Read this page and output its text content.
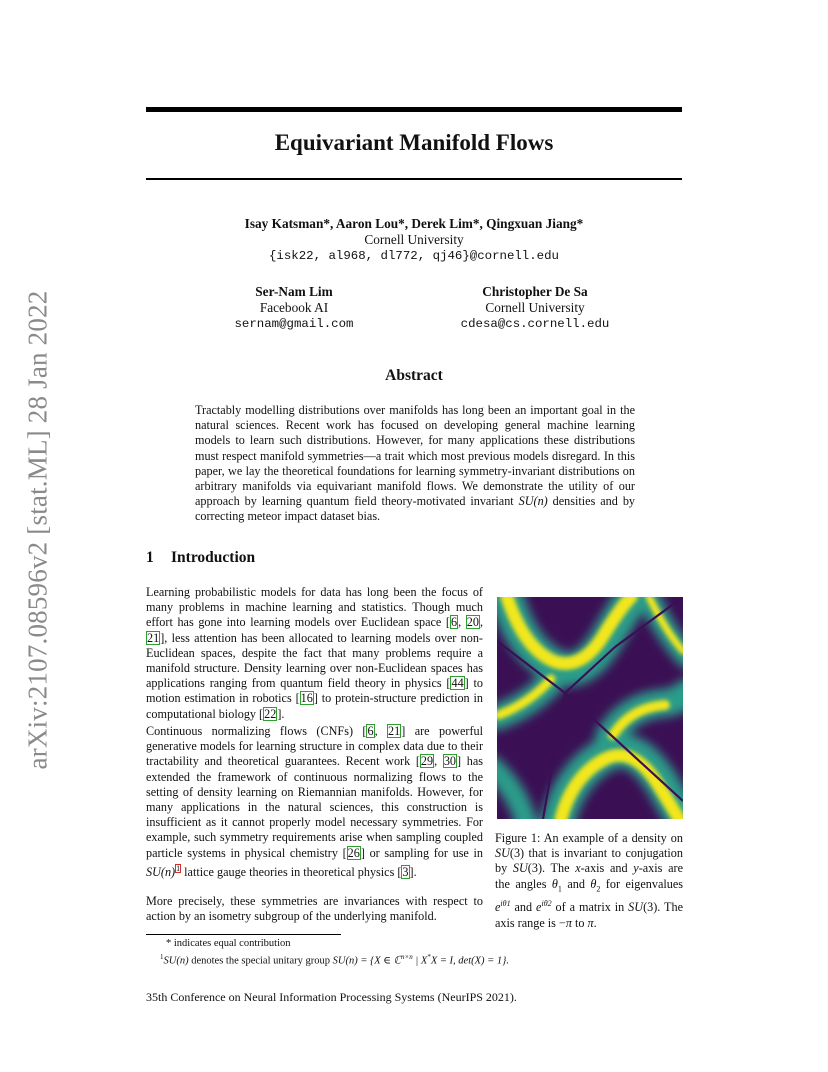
arXiv:2107.08596v2 [stat.ML] 28 Jan 2022
Equivariant Manifold Flows
Isay Katsman*, Aaron Lou*, Derek Lim*, Qingxuan Jiang*
Cornell University
{isk22, al968, dl772, qj46}@cornell.edu
Ser-Nam Lim
Facebook AI
sernam@gmail.com
Christopher De Sa
Cornell University
cdesa@cs.cornell.edu
Abstract
Tractably modelling distributions over manifolds has long been an important goal in the natural sciences. Recent work has focused on developing general machine learning models to learn such distributions. However, for many applications these distributions must respect manifold symmetries—a trait which most previous models disregard. In this paper, we lay the theoretical foundations for learning symmetry-invariant distributions on arbitrary manifolds via equivariant manifold flows. We demonstrate the utility of our approach by learning quantum field theory-motivated invariant SU(n) densities and by correcting meteor impact dataset bias.
1 Introduction
Learning probabilistic models for data has long been the focus of many problems in machine learning and statistics. Though much effort has gone into learning models over Euclidean space [6, 20, 21], less attention has been allocated to learning models over non-Euclidean spaces, despite the fact that many problems require a manifold structure. Density learning over non-Euclidean spaces has applications ranging from quantum field theory in physics [44] to motion estimation in robotics [16] to protein-structure prediction in computational biology [22].
Continuous normalizing flows (CNFs) [6, 21] are powerful generative models for learning structure in complex data due to their tractability and theoretical guarantees. Recent work [29, 30] has extended the framework of continuous normalizing flows to the setting of density learning on Riemannian manifolds. However, for many applications in the natural sciences, this construction is insufficient as it cannot properly model necessary symmetries. For example, such symmetry requirements arise when sampling coupled particle systems in physical chemistry [26] or sampling for use in SU(n)$^1$ lattice gauge theories in theoretical physics [3].
More precisely, these symmetries are invariances with respect to action by an isometry subgroup of the underlying manifold.
Figure 1: An example of a density on SU(3) that is invariant to conjugation by SU(3). The x-axis and y-axis are the angles $\theta_1$ and $\theta_2$ for eigenvalues $e^{i\theta 1}$ and $e^{i\theta 2}$ of a matrix in SU(3). The axis range is −π to π.
* indicates equal contribution
$^1$SU(n) denotes the special unitary group SU(n) = {X ∈ ℂ$^{n\times n}$ | X*X = I, det(X) = 1}.
35th Conference on Neural Information Processing Systems (NeurIPS 2021).
